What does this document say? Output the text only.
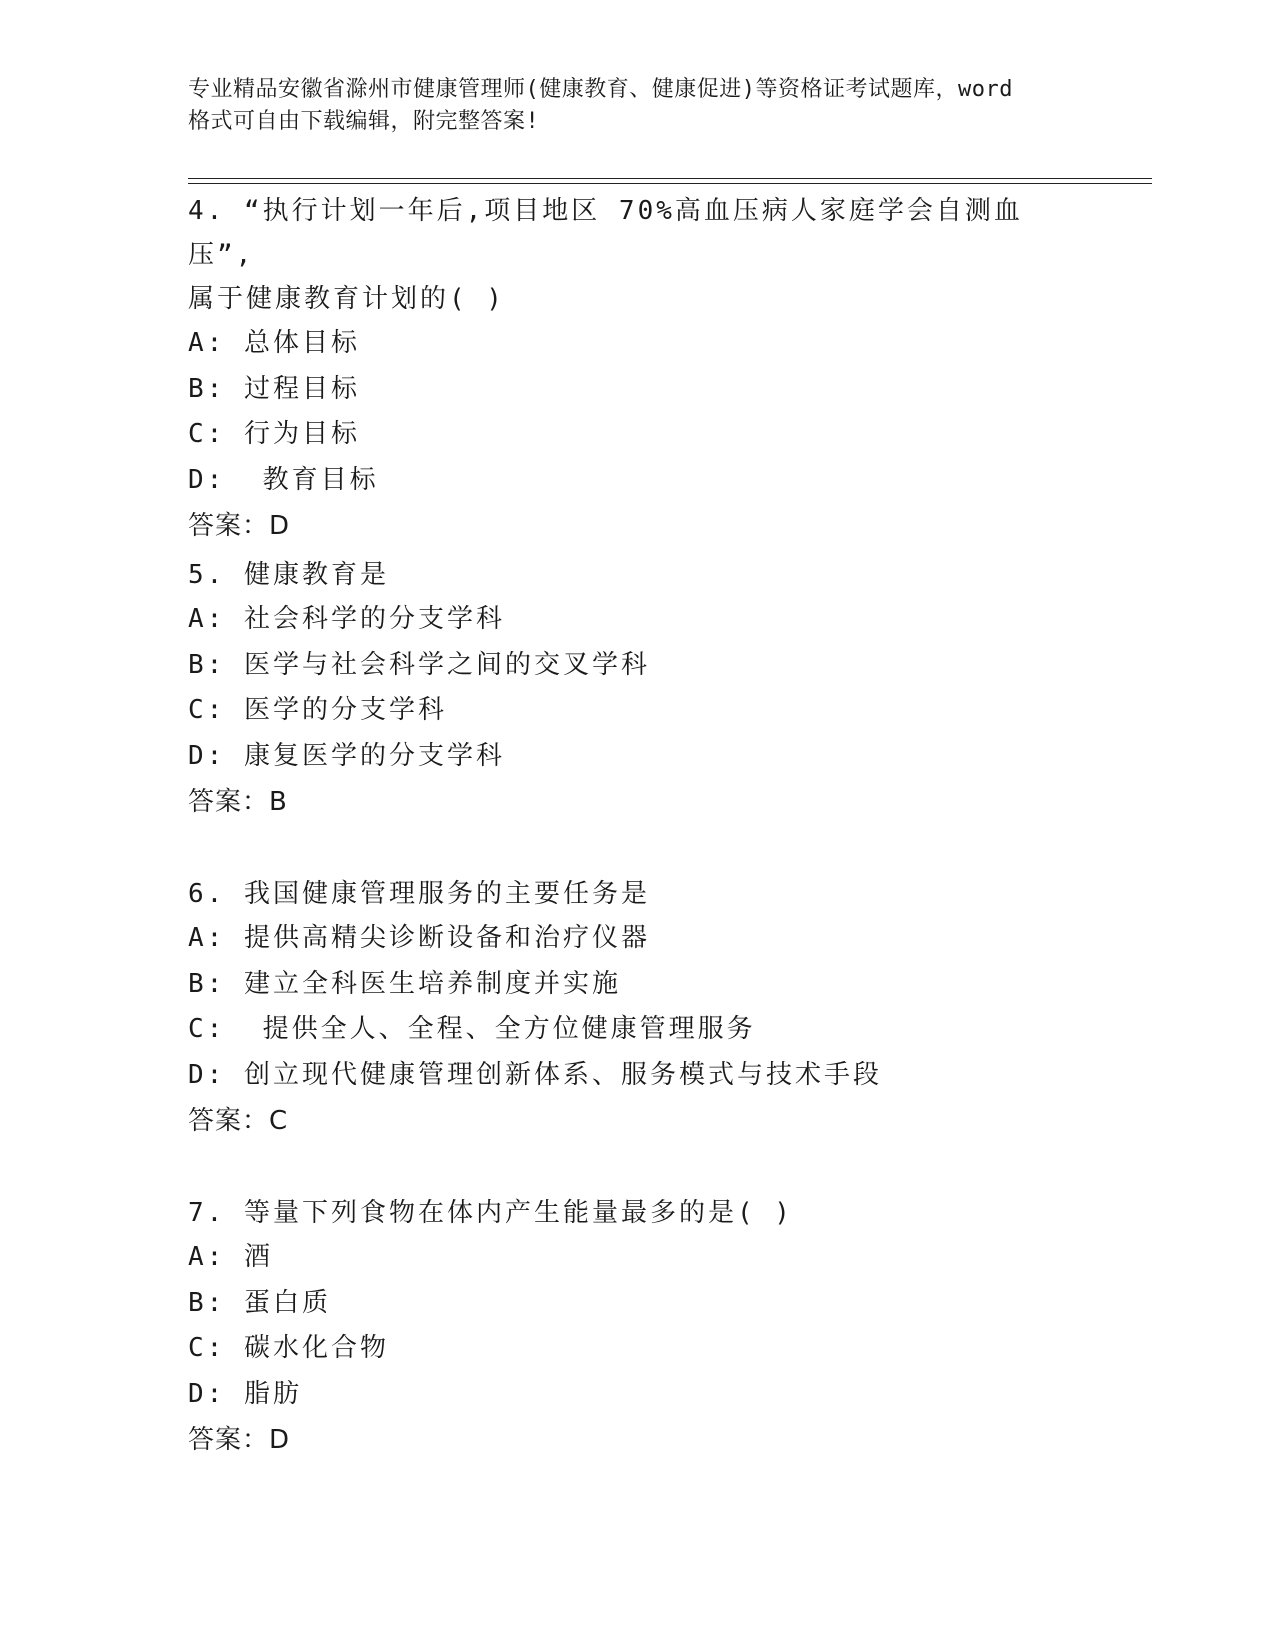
专业精品安徽省滁州市健康管理师(健康教育、健康促进)等资格证考试题库，word
格式可自由下载编辑，附完整答案!
4. “执行计划一年后,项目地区 70%高血压病人家庭学会自测血压”,
属于健康教育计划的( )
A: 总体目标
B: 过程目标
C: 行为目标
D:  教育目标
答案：D
5. 健康教育是
A: 社会科学的分支学科
B: 医学与社会科学之间的交叉学科
C: 医学的分支学科
D: 康复医学的分支学科
答案：B
6. 我国健康管理服务的主要任务是
A: 提供高精尖诊断设备和治疗仪器
B: 建立全科医生培养制度并实施
C:  提供全人、全程、全方位健康管理服务
D: 创立现代健康管理创新体系、服务模式与技术手段
答案：C
7. 等量下列食物在体内产生能量最多的是( )
A: 酒
B: 蛋白质
C: 碳水化合物
D: 脂肪
答案：D
